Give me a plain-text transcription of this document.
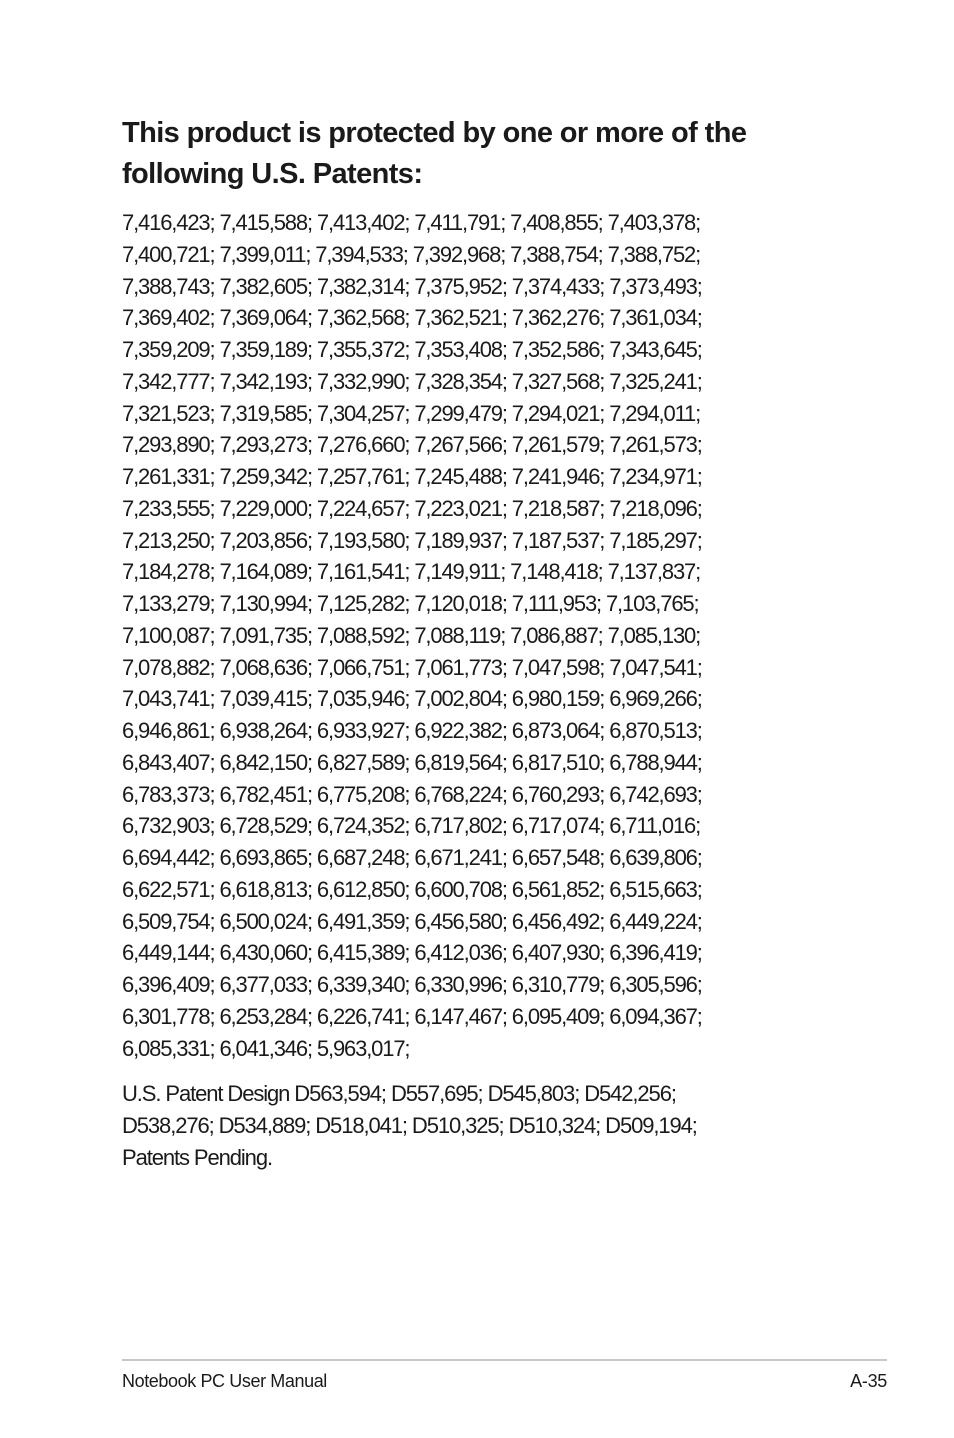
This product is protected by one or more of the following U.S. Patents:
7,416,423; 7,415,588; 7,413,402; 7,411,791; 7,408,855; 7,403,378;
7,400,721; 7,399,011; 7,394,533; 7,392,968; 7,388,754; 7,388,752;
7,388,743; 7,382,605; 7,382,314; 7,375,952; 7,374,433; 7,373,493;
7,369,402; 7,369,064; 7,362,568; 7,362,521; 7,362,276; 7,361,034;
7,359,209; 7,359,189; 7,355,372; 7,353,408; 7,352,586; 7,343,645;
7,342,777; 7,342,193; 7,332,990; 7,328,354; 7,327,568; 7,325,241;
7,321,523; 7,319,585; 7,304,257; 7,299,479; 7,294,021; 7,294,011;
7,293,890; 7,293,273; 7,276,660; 7,267,566; 7,261,579; 7,261,573;
7,261,331; 7,259,342; 7,257,761; 7,245,488; 7,241,946; 7,234,971;
7,233,555; 7,229,000; 7,224,657; 7,223,021; 7,218,587; 7,218,096;
7,213,250; 7,203,856; 7,193,580; 7,189,937; 7,187,537; 7,185,297;
7,184,278; 7,164,089; 7,161,541; 7,149,911; 7,148,418; 7,137,837;
7,133,279; 7,130,994; 7,125,282; 7,120,018; 7,111,953; 7,103,765;
7,100,087; 7,091,735; 7,088,592; 7,088,119; 7,086,887; 7,085,130;
7,078,882; 7,068,636; 7,066,751; 7,061,773; 7,047,598; 7,047,541;
7,043,741; 7,039,415; 7,035,946; 7,002,804; 6,980,159; 6,969,266;
6,946,861; 6,938,264; 6,933,927; 6,922,382; 6,873,064; 6,870,513;
6,843,407; 6,842,150; 6,827,589; 6,819,564; 6,817,510; 6,788,944;
6,783,373; 6,782,451; 6,775,208; 6,768,224; 6,760,293; 6,742,693;
6,732,903; 6,728,529; 6,724,352; 6,717,802; 6,717,074; 6,711,016;
6,694,442; 6,693,865; 6,687,248; 6,671,241; 6,657,548; 6,639,806;
6,622,571; 6,618,813; 6,612,850; 6,600,708; 6,561,852; 6,515,663;
6,509,754; 6,500,024; 6,491,359; 6,456,580; 6,456,492; 6,449,224;
6,449,144; 6,430,060; 6,415,389; 6,412,036; 6,407,930; 6,396,419;
6,396,409; 6,377,033; 6,339,340; 6,330,996; 6,310,779; 6,305,596;
6,301,778; 6,253,284; 6,226,741; 6,147,467; 6,095,409; 6,094,367;
6,085,331; 6,041,346; 5,963,017;
U.S. Patent Design D563,594; D557,695; D545,803; D542,256;
D538,276; D534,889; D518,041; D510,325; D510,324; D509,194;
Patents Pending.
Notebook PC User Manual	A-35
